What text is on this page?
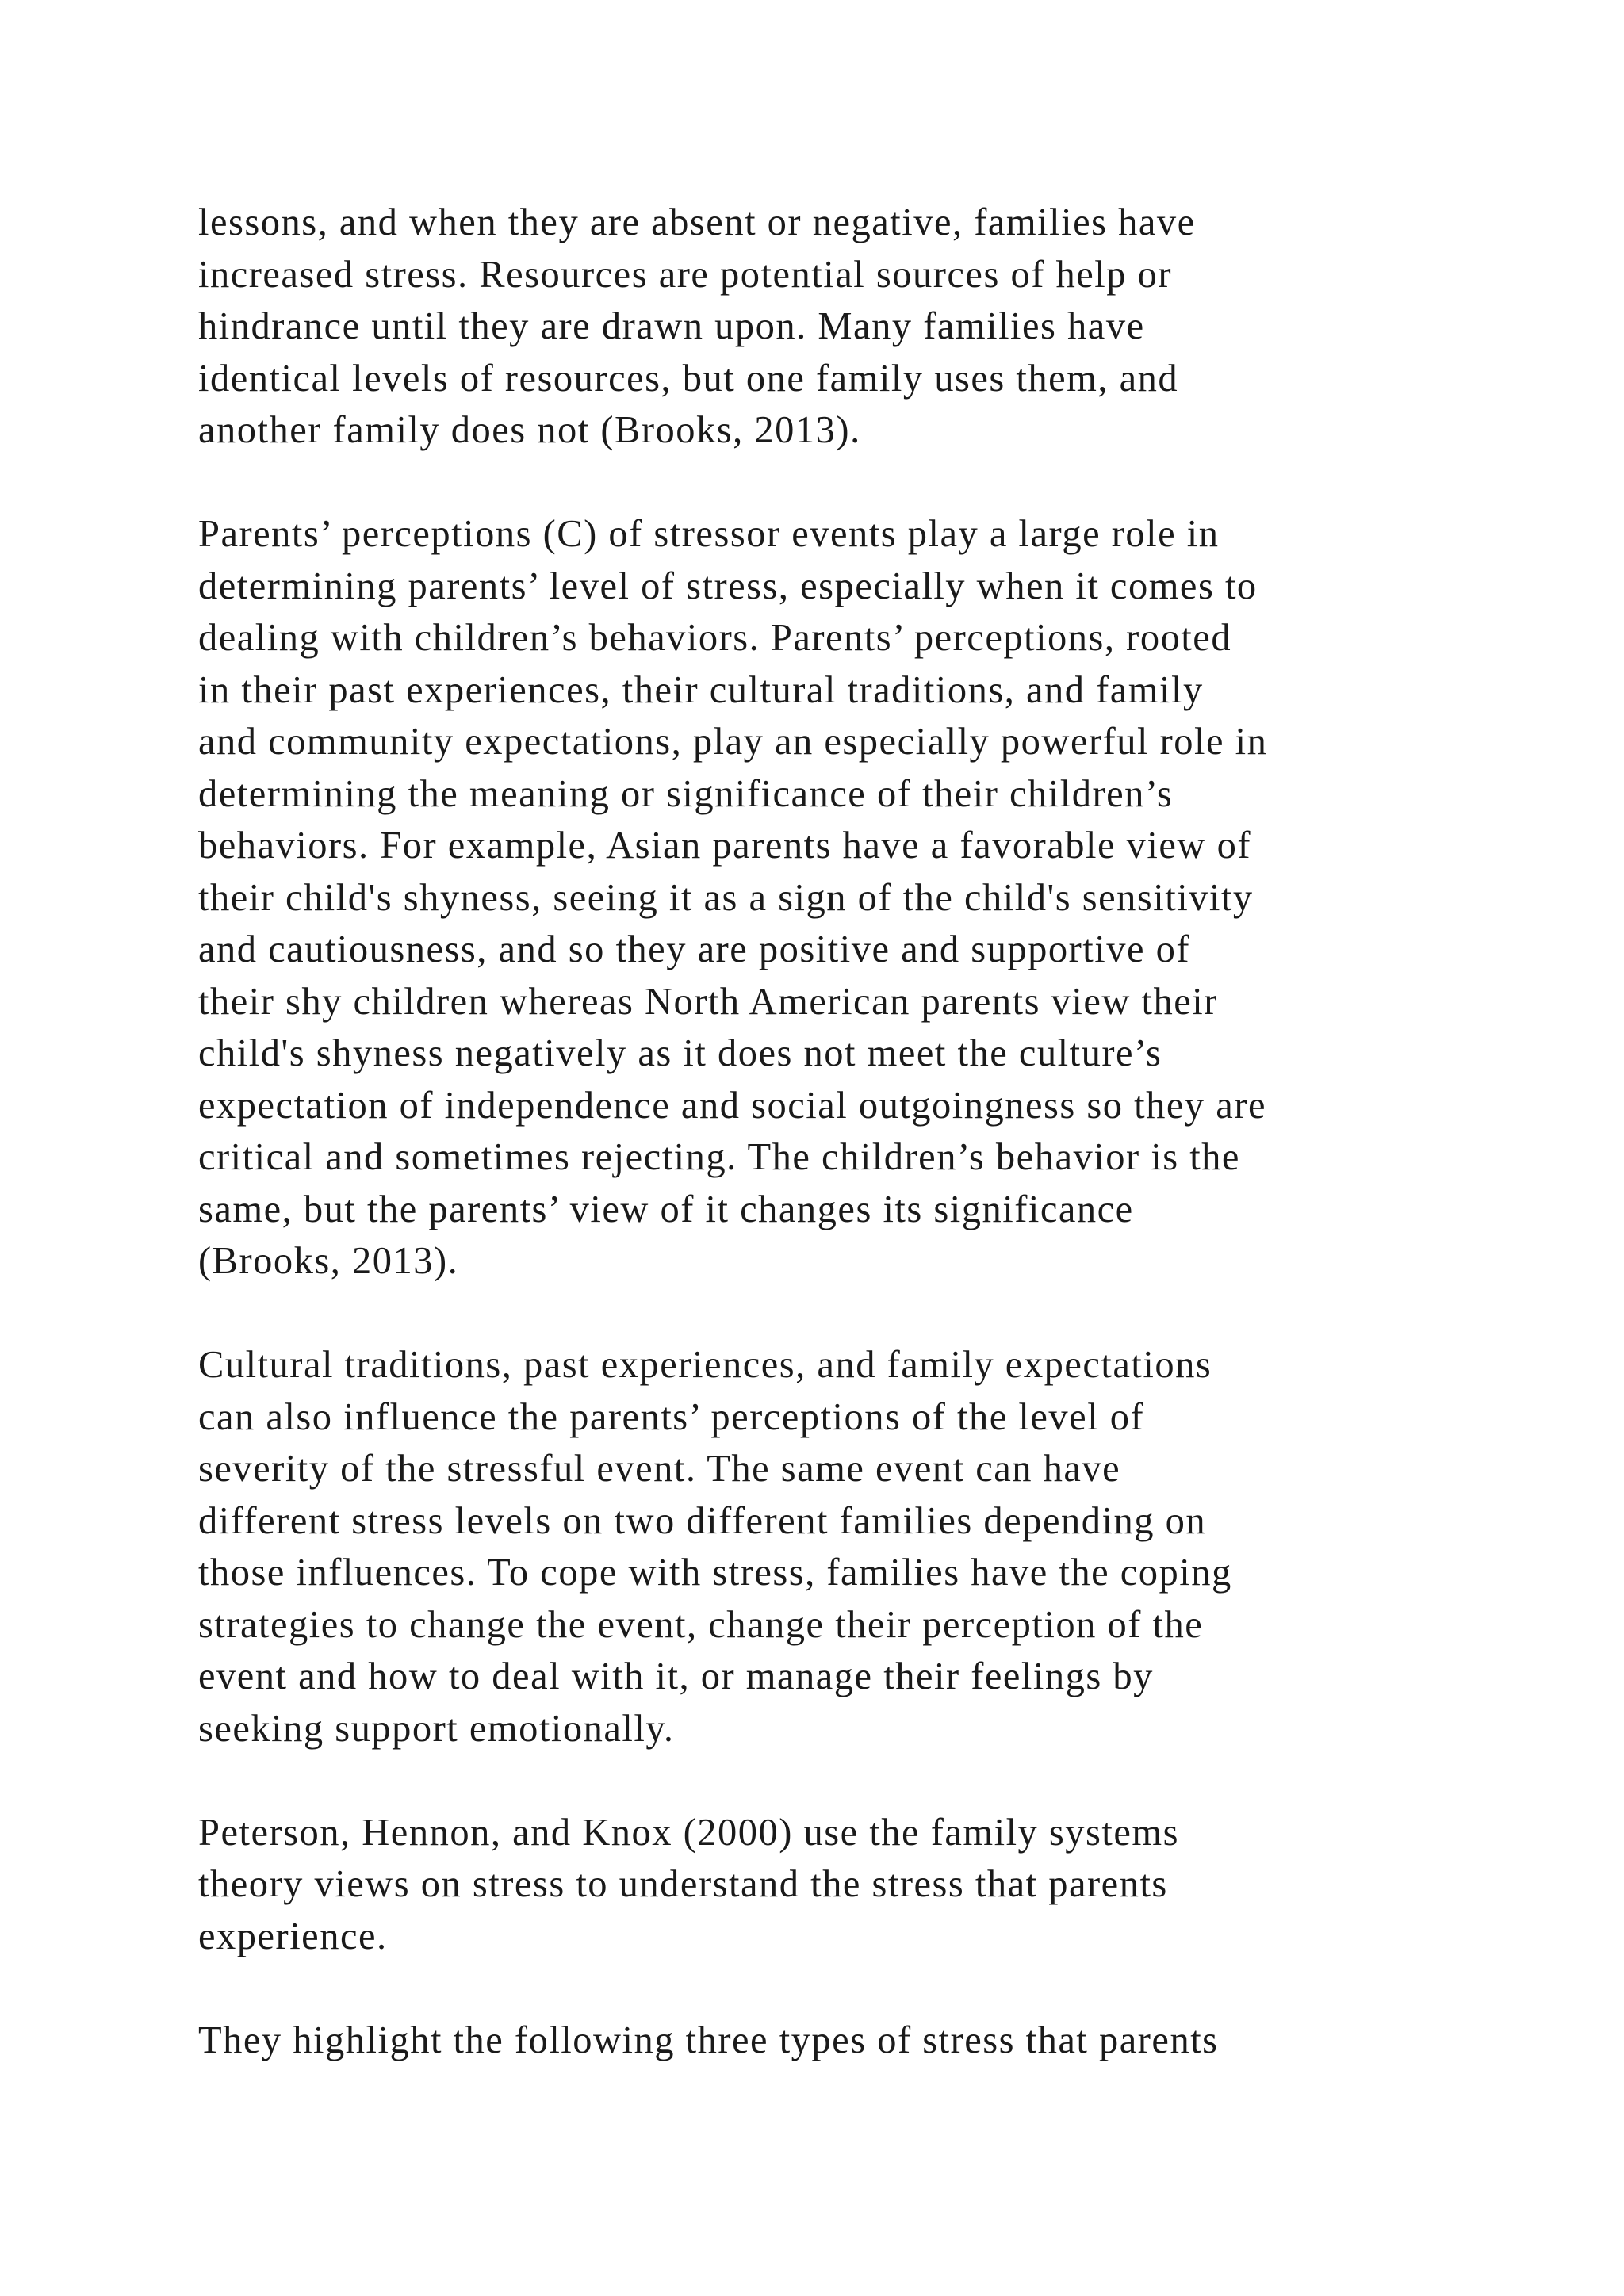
lessons, and when they are absent or negative, families have
increased stress. Resources are potential sources of help or
hindrance until they are drawn upon. Many families have
identical levels of resources, but one family uses them, and
another family does not (Brooks, 2013).

Parents’ perceptions (C) of stressor events play a large role in
determining parents’ level of stress, especially when it comes to
dealing with children’s behaviors. Parents’ perceptions, rooted
in their past experiences, their cultural traditions, and family
and community expectations, play an especially powerful role in
determining the meaning or significance of their children’s
behaviors. For example, Asian parents have a favorable view of
their child's shyness, seeing it as a sign of the child's sensitivity
and cautiousness, and so they are positive and supportive of
their shy children whereas North American parents view their
child's shyness negatively as it does not meet the culture’s
expectation of independence and social outgoingness so they are
critical and sometimes rejecting. The children’s behavior is the
same, but the parents’ view of it changes its significance
(Brooks, 2013).

Cultural traditions, past experiences, and family expectations
can also influence the parents’ perceptions of the level of
severity of the stressful event. The same event can have
different stress levels on two different families depending on
those influences. To cope with stress, families have the coping
strategies to change the event, change their perception of the
event and how to deal with it, or manage their feelings by
seeking support emotionally.

Peterson, Hennon, and Knox (2000) use the family systems
theory views on stress to understand the stress that parents
experience.

They highlight the following three types of stress that parents
